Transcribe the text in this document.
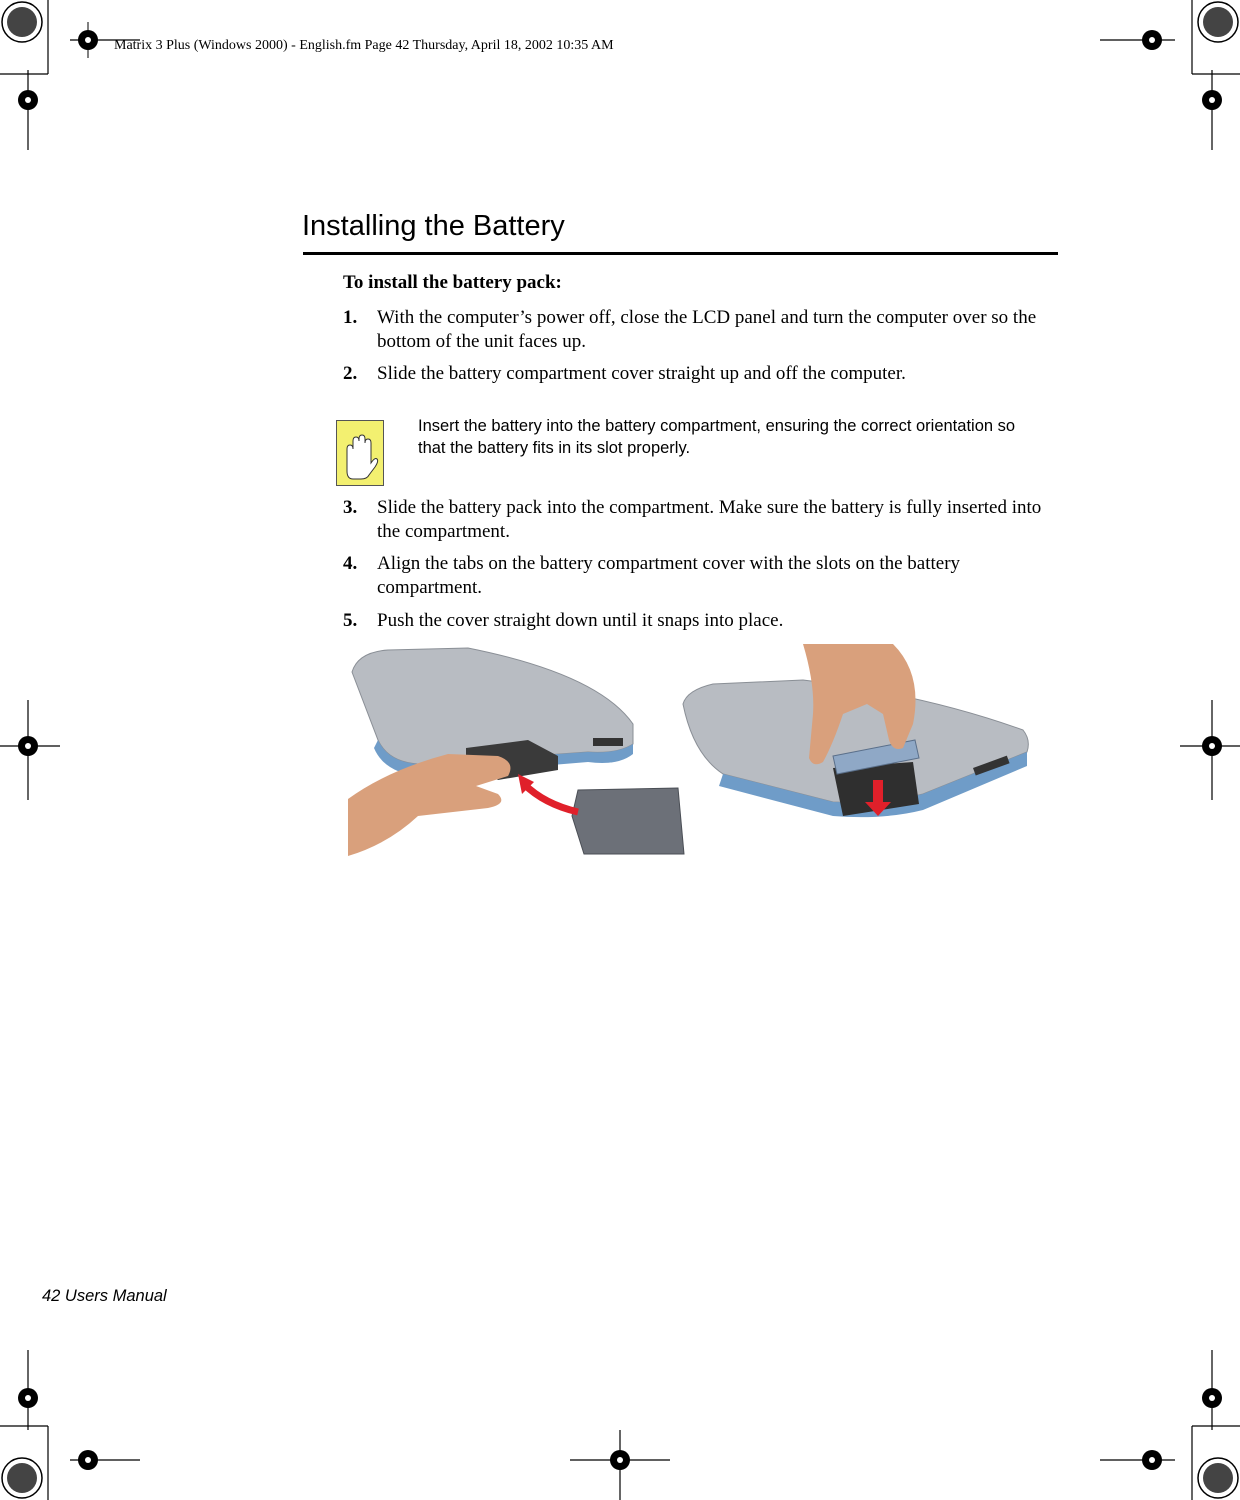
Matrix 3 Plus (Windows 2000) - English.fm Page 42 Thursday, April 18, 2002 10:35 AM
Installing the Battery
To install the battery pack:
1. With the computer’s power off, close the LCD panel and turn the computer over so the bottom of the unit faces up.
2. Slide the battery compartment cover straight up and off the computer.
Insert the battery into the battery compartment, ensuring the correct orientation so that the battery fits in its slot properly.
3. Slide the battery pack into the compartment. Make sure the battery is fully inserted into the compartment.
4. Align the tabs on the battery compartment cover with the slots on the battery compartment.
5. Push the cover straight down until it snaps into place.
42 Users Manual
